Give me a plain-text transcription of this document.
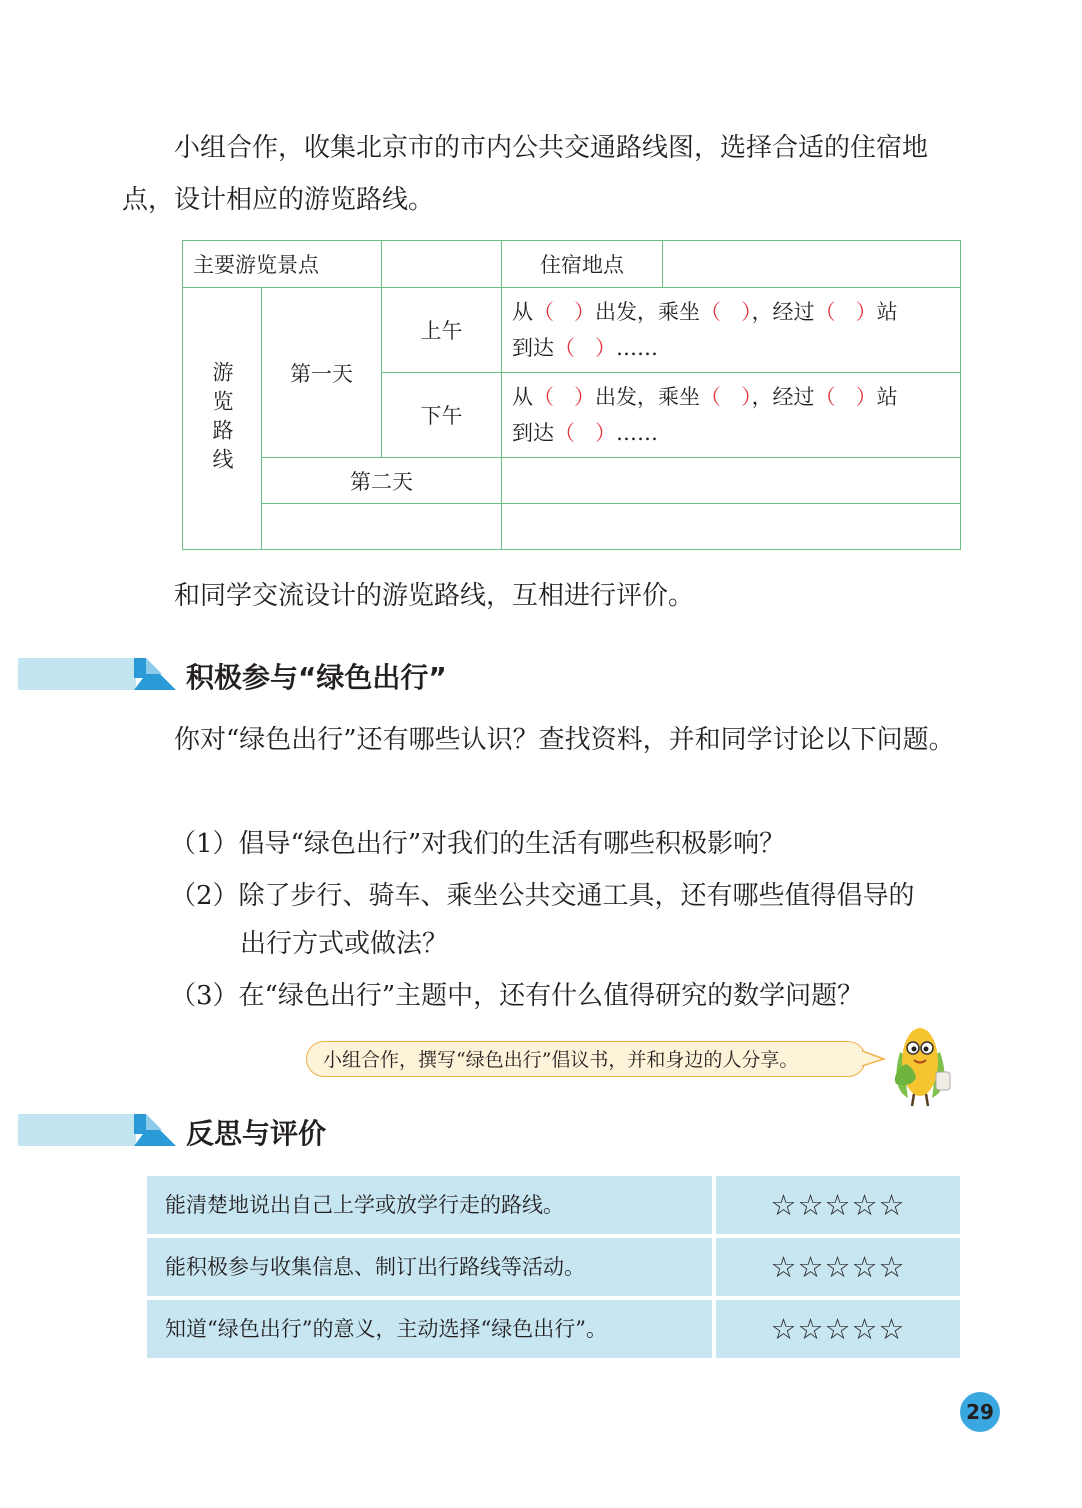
小组合作，收集北京市的市内公共交通路线图，选择合适的住宿地点，设计相应的游览路线。
主要游览景点			住宿地点	

游览路线	第一天	上午	从（ ）出发，乘坐（ ），经过（ ）站
到达（ ）……	

		下午	从（ ）出发，乘坐（ ），经过（ ）站
到达（ ）……	

	第二天			

和同学交流设计的游览路线，互相进行评价。
积极参与“绿色出行”
你对“绿色出行”还有哪些认识？查找资料，并和同学讨论以下问题。
（1）倡导“绿色出行”对我们的生活有哪些积极影响？
（2）除了步行、骑车、乘坐公共交通工具，还有哪些值得倡导的
出行方式或做法？
（3）在“绿色出行”主题中，还有什么值得研究的数学问题？
小组合作，撰写“绿色出行”倡议书，并和身边的人分享。
反思与评价
能清楚地说出自己上学或放学行走的路线。	☆☆☆☆☆
能积极参与收集信息、制订出行路线等活动。	☆☆☆☆☆
知道“绿色出行”的意义，主动选择“绿色出行”。	☆☆☆☆☆
29
